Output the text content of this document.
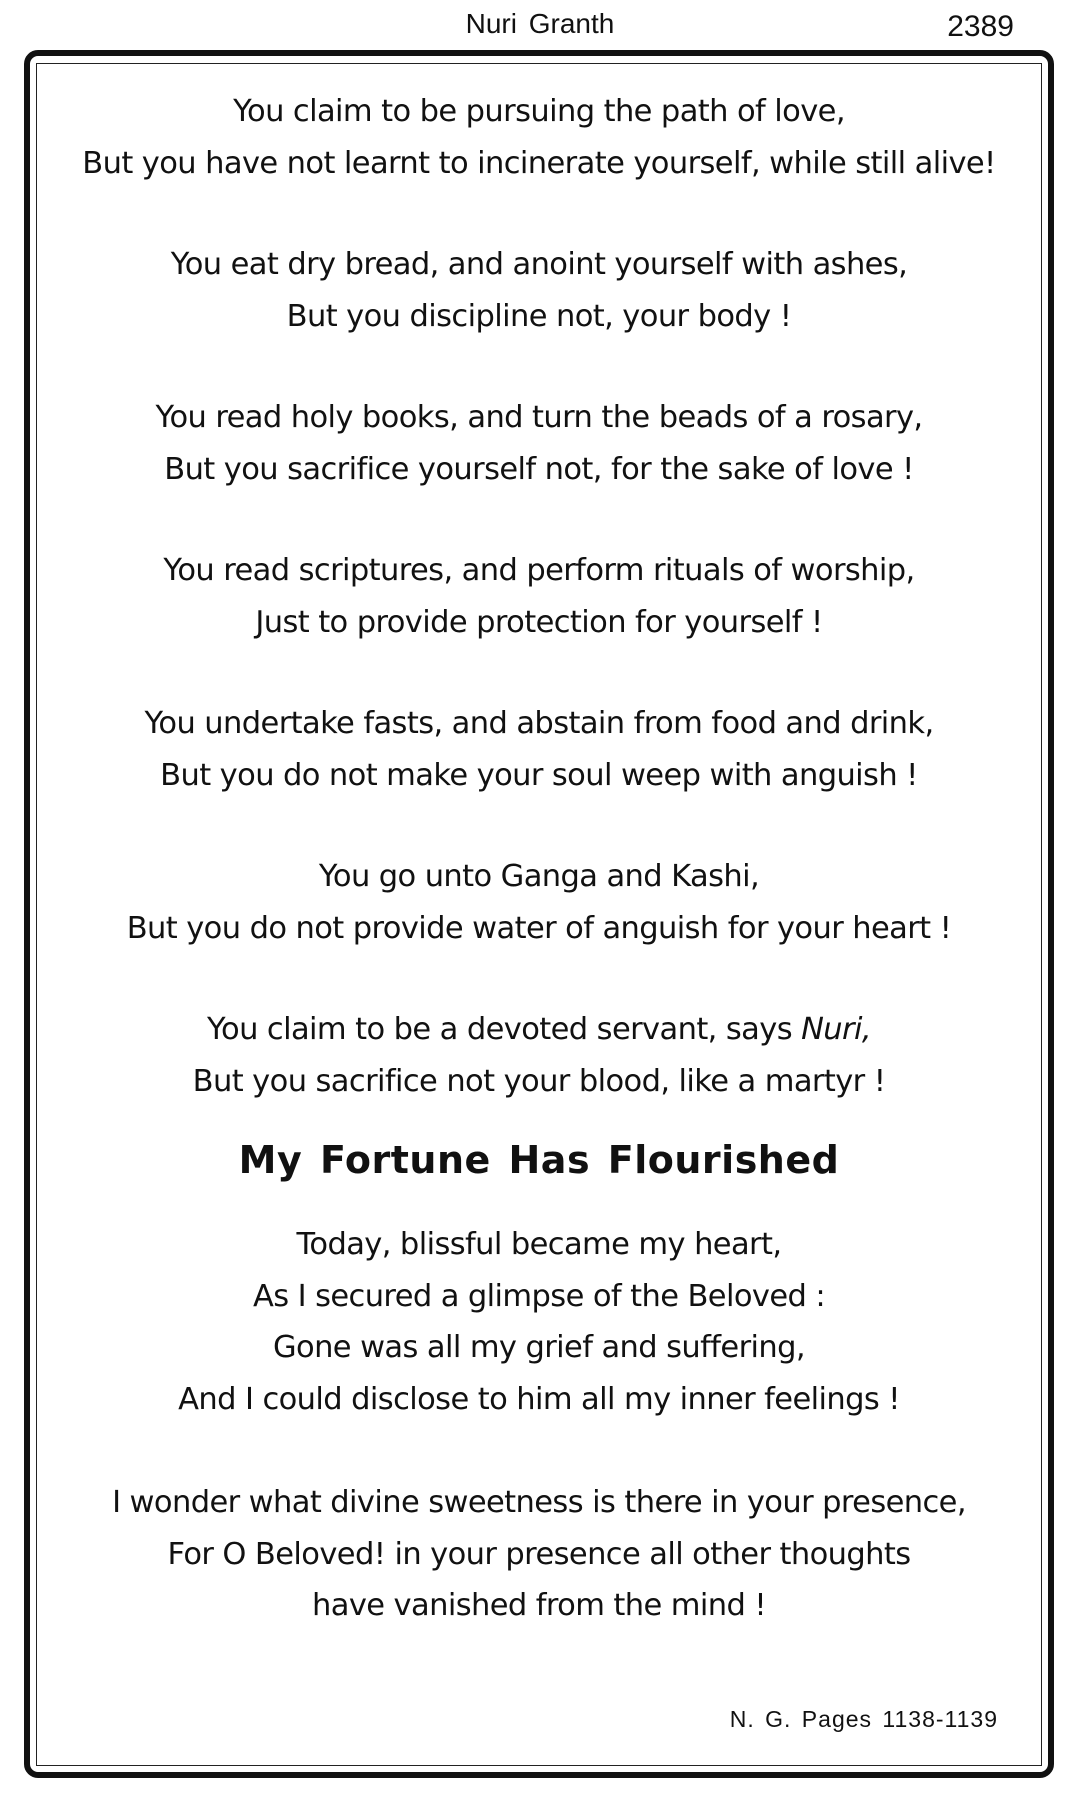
Nuri Granth	2389
You claim to be pursuing the path of love,
But you have not learnt to incinerate yourself, while still alive!
You eat dry bread, and anoint yourself with ashes,
But you discipline not, your body !
You read holy books, and turn the beads of a rosary,
But you sacrifice yourself not, for the sake of love !
You read scriptures, and perform rituals of worship,
Just to provide protection for yourself !
You undertake fasts, and abstain from food and drink,
But you do not make your soul weep with anguish !
You go unto Ganga and Kashi,
But you do not provide water of anguish for your heart !
You claim to be a devoted servant, says Nuri,
But you sacrifice not your blood, like a martyr !
My Fortune Has Flourished
Today, blissful became my heart,
As I secured a glimpse of the Beloved :
Gone was all my grief and suffering,
And I could disclose to him all my inner feelings !
I wonder what divine sweetness is there in your presence,
For O Beloved! in your presence all other thoughts
have vanished from the mind !
N. G. Pages 1138-1139
